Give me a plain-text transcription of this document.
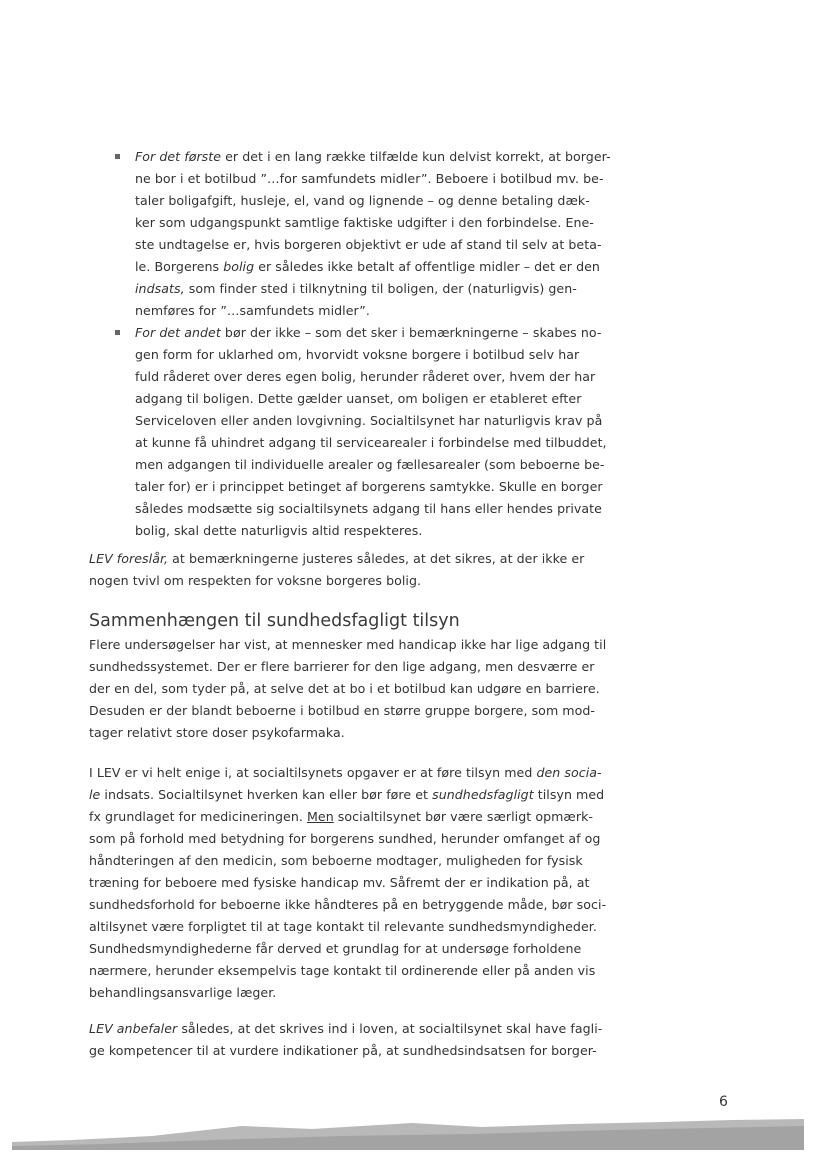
For det første er det i en lang række tilfælde kun delvist korrekt, at borger-
ne bor i et botilbud ”…for samfundets midler”. Beboere i botilbud mv. be-
taler boligafgift, husleje, el, vand og lignende – og denne betaling dæk-
ker som udgangspunkt samtlige faktiske udgifter i den forbindelse. Ene-
ste undtagelse er, hvis borgeren objektivt er ude af stand til selv at beta-
le. Borgerens bolig er således ikke betalt af offentlige midler – det er den
indsats, som finder sted i tilknytning til boligen, der (naturligvis) gen-
nemføres for ”…samfundets midler”.
For det andet bør der ikke – som det sker i bemærkningerne – skabes no-
gen form for uklarhed om, hvorvidt voksne borgere i botilbud selv har
fuld råderet over deres egen bolig, herunder råderet over, hvem der har
adgang til boligen. Dette gælder uanset, om boligen er etableret efter
Serviceloven eller anden lovgivning. Socialtilsynet har naturligvis krav på
at kunne få uhindret adgang til servicearealer i forbindelse med tilbuddet,
men adgangen til individuelle arealer og fællesarealer (som beboerne be-
taler for) er i princippet betinget af borgerens samtykke. Skulle en borger
således modsætte sig socialtilsynets adgang til hans eller hendes private
bolig, skal dette naturligvis altid respekteres.

LEV foreslår, at bemærkningerne justeres således, at det sikres, at der ikke er
nogen tvivl om respekten for voksne borgeres bolig.

Sammenhængen til sundhedsfagligt tilsyn

Flere undersøgelser har vist, at mennesker med handicap ikke har lige adgang til
sundhedssystemet. Der er flere barrierer for den lige adgang, men desværre er
der en del, som tyder på, at selve det at bo i et botilbud kan udgøre en barriere.
Desuden er der blandt beboerne i botilbud en større gruppe borgere, som mod-
tager relativt store doser psykofarmaka.

I LEV er vi helt enige i, at socialtilsynets opgaver er at føre tilsyn med den socia-
le indsats. Socialtilsynet hverken kan eller bør føre et sundhedsfagligt tilsyn med
fx grundlaget for medicineringen. Men socialtilsynet bør være særligt opmærk-
som på forhold med betydning for borgerens sundhed, herunder omfanget af og
håndteringen af den medicin, som beboerne modtager, muligheden for fysisk
træning for beboere med fysiske handicap mv. Såfremt der er indikation på, at
sundhedsforhold for beboerne ikke håndteres på en betryggende måde, bør soci-
altilsynet være forpligtet til at tage kontakt til relevante sundhedsmyndigheder.
Sundhedsmyndighederne får derved et grundlag for at undersøge forholdene
nærmere, herunder eksempelvis tage kontakt til ordinerende eller på anden vis
behandlingsansvarlige læger.

LEV anbefaler således, at det skrives ind i loven, at socialtilsynet skal have fagli-
ge kompetencer til at vurdere indikationer på, at sundhedsindsatsen for borger-

6
